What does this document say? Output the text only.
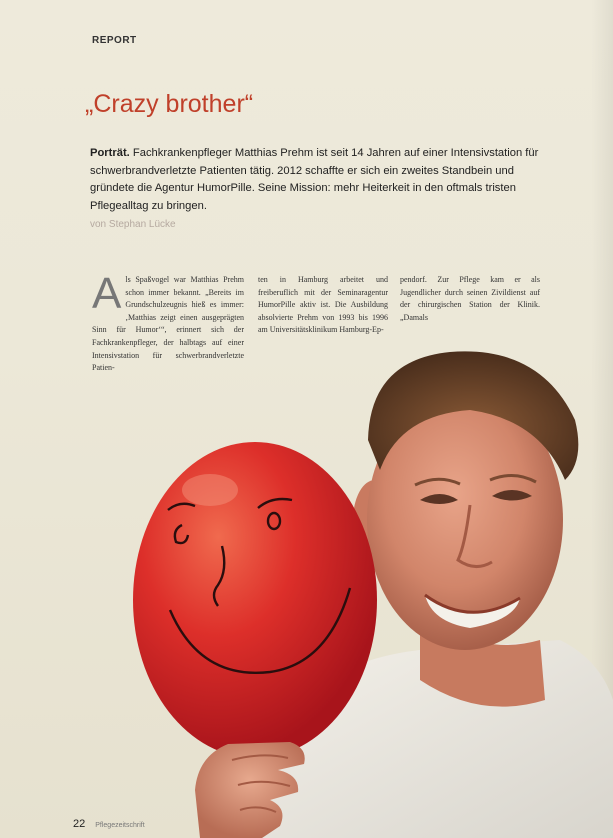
REPORT
„Crazy brother“
Porträt. Fachkrankenpfleger Matthias Prehm ist seit 14 Jahren auf einer Intensivstation für schwerbrandverletzte Patienten tätig. 2012 schaffte er sich ein zweites Standbein und gründete die Agentur HumorPille. Seine Mission: mehr Heiterkeit in den oftmals tristen Pflegealltag zu bringen.
von Stephan Lücke
Als Spaßvogel war Matthias Prehm schon immer bekannt. „Bereits im Grundschulzeugnis hieß es immer: ‚Matthias zeigt einen ausgeprägten Sinn für Humor‘“, erinnert sich der Fachkrankenpfleger, der halbtags auf einer Intensivstation für schwerbrandverletzte Patien-
ten in Hamburg arbeitet und freiberuflich mit der Seminaragentur HumorPille aktiv ist. Die Ausbildung absolvierte Prehm von 1993 bis 1996 am Universitätsklinikum Hamburg-Ep-
pendorf. Zur Pflege kam er als Jugendlicher durch seinen Zivildienst auf der chirurgischen Station der Klinik. „Damals
22 Pflegezeitschrift
